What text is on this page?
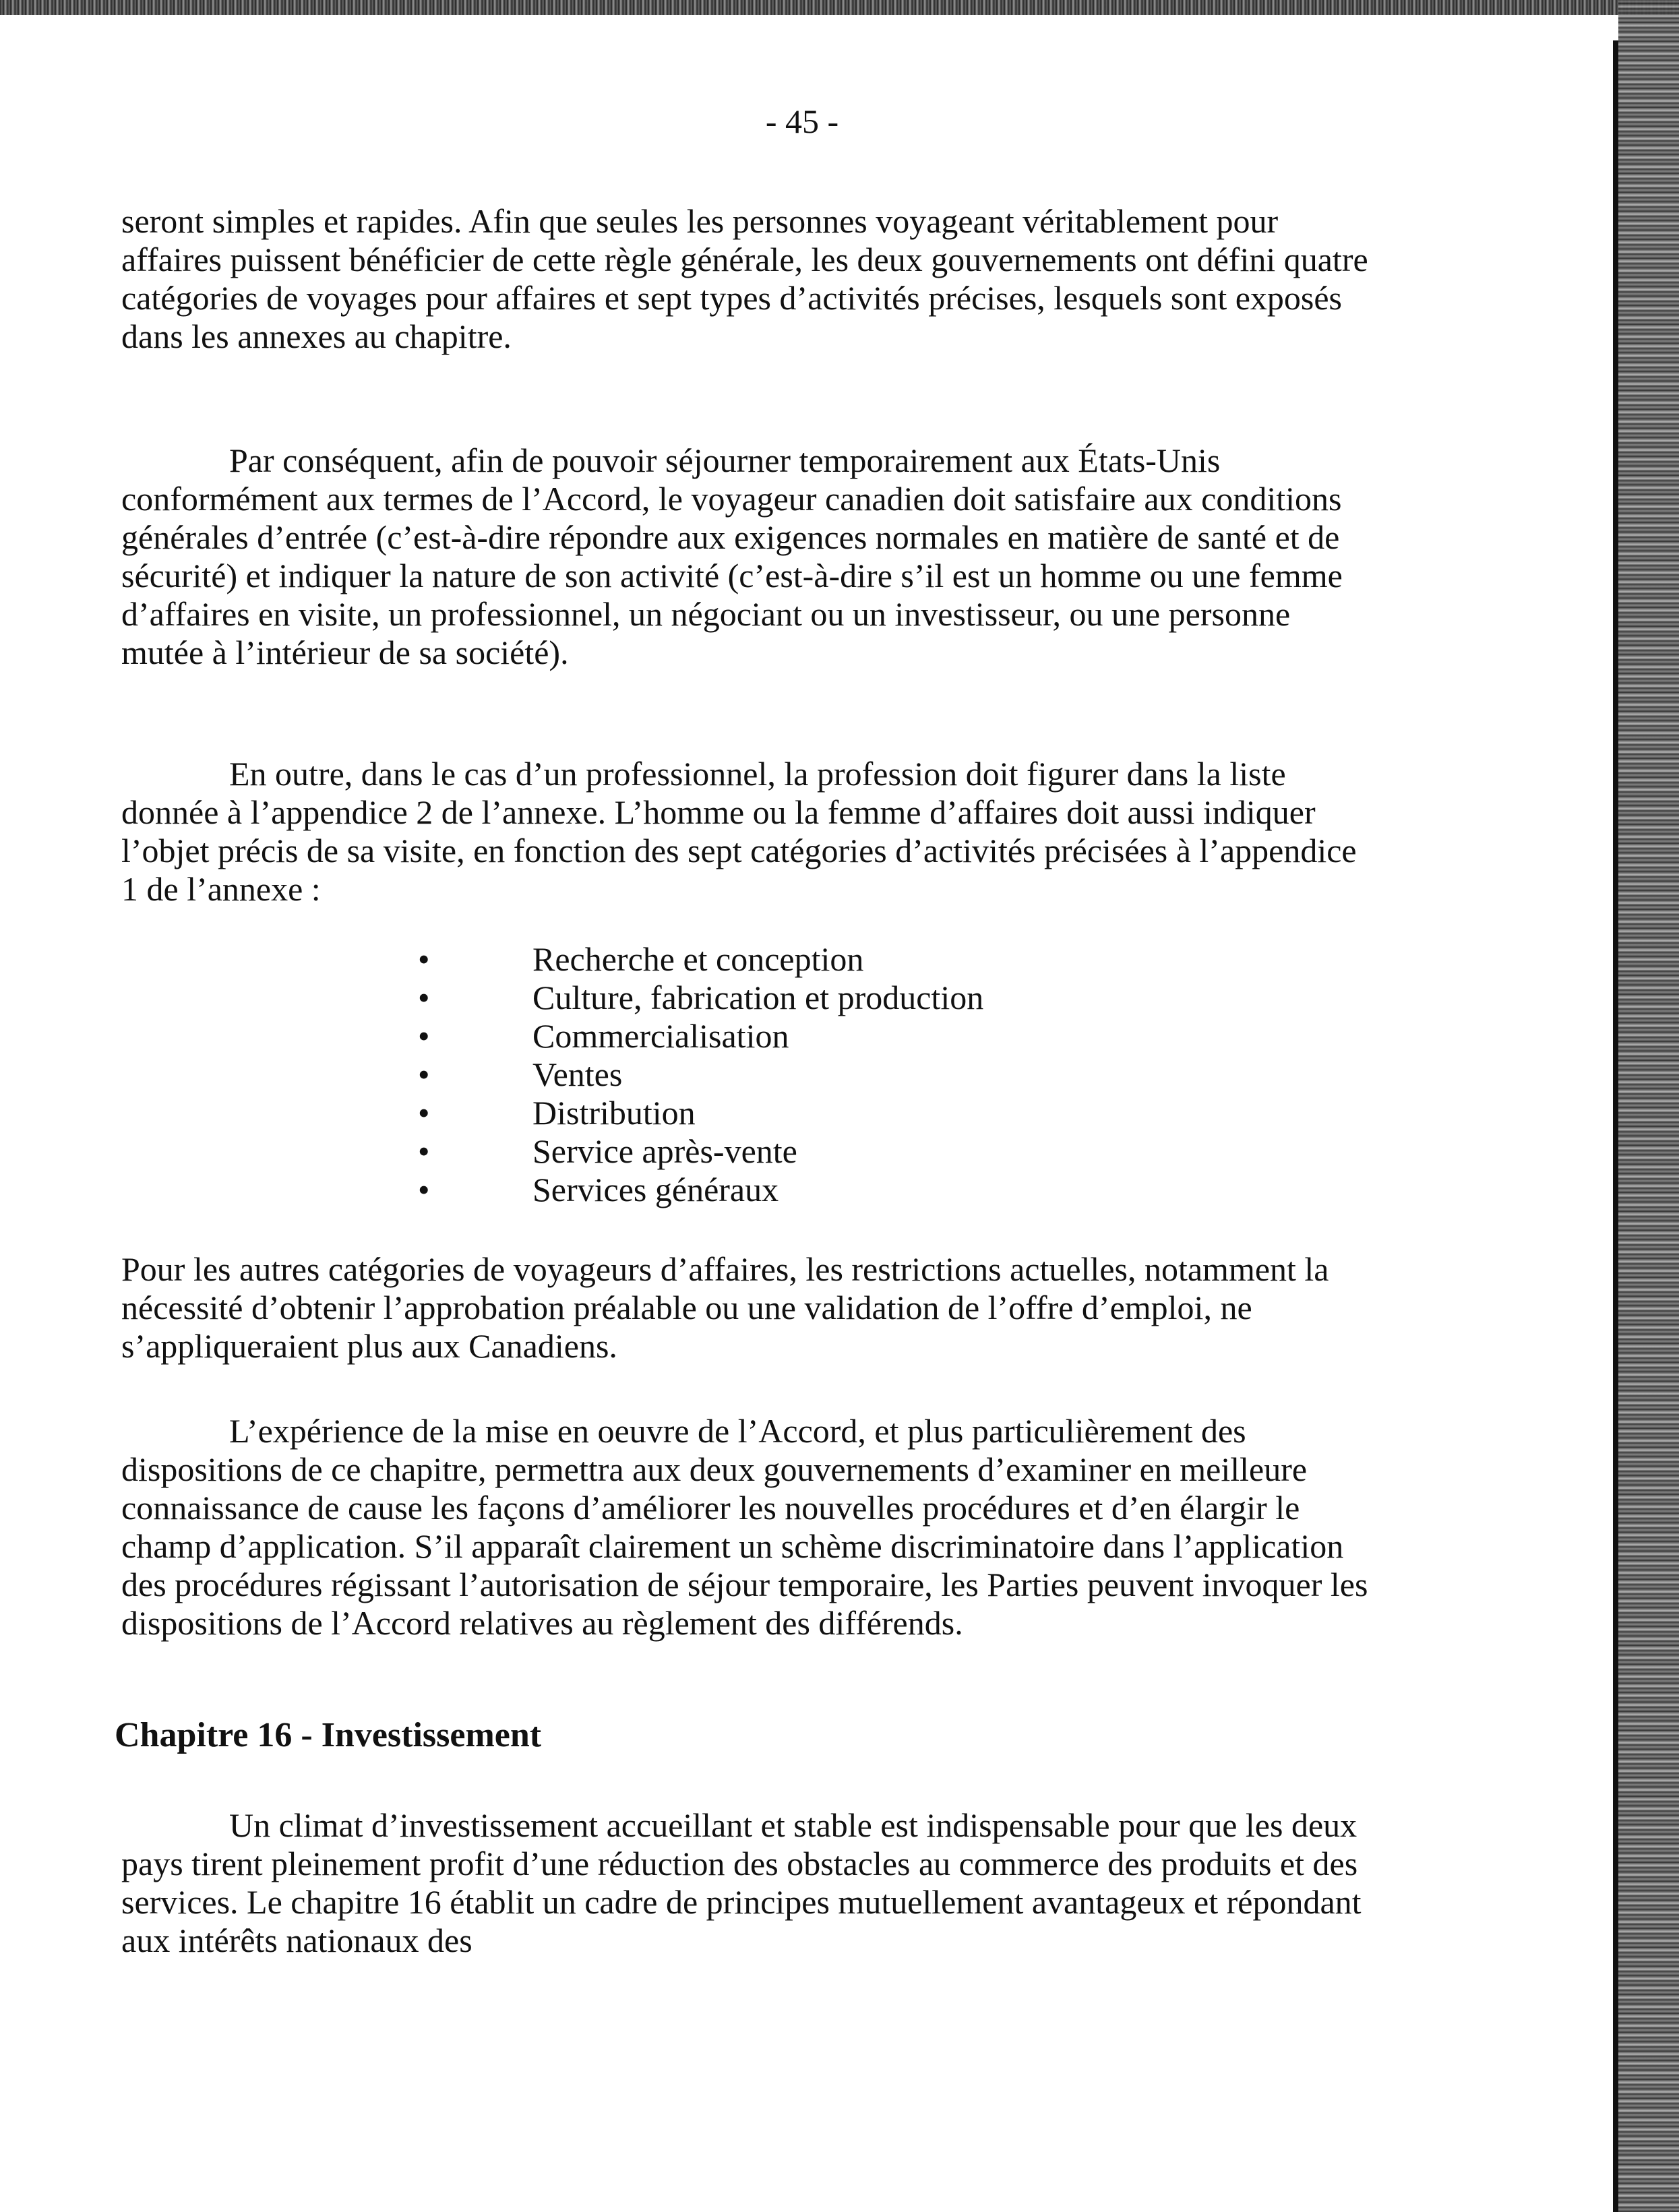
- 45 -

seront simples et rapides. Afin que seules les personnes voyageant véritablement pour affaires puissent bénéficier de cette règle générale, les deux gouvernements ont défini quatre catégories de voyages pour affaires et sept types d’activités précises, lesquels sont exposés dans les annexes au chapitre.

Par conséquent, afin de pouvoir séjourner temporairement aux États-Unis conformément aux termes de l’Accord, le voyageur canadien doit satisfaire aux conditions générales d’entrée (c’est-à-dire répondre aux exigences normales en matière de santé et de sécurité) et indiquer la nature de son activité (c’est-à-dire s’il est un homme ou une femme d’affaires en visite, un professionnel, un négociant ou un investisseur, ou une personne mutée à l’intérieur de sa société).

En outre, dans le cas d’un professionnel, la profession doit figurer dans la liste donnée à l’appendice 2 de l’annexe. L’homme ou la femme d’affaires doit aussi indiquer l’objet précis de sa visite, en fonction des sept catégories d’activités précisées à l’appendice 1 de l’annexe :

•	Recherche et conception
•	Culture, fabrication et production
•	Commercialisation
•	Ventes
•	Distribution
•	Service après-vente
•	Services généraux

Pour les autres catégories de voyageurs d’affaires, les restrictions actuelles, notamment la nécessité d’obtenir l’approbation préalable ou une validation de l’offre d’emploi, ne s’appliqueraient plus aux Canadiens.

L’expérience de la mise en oeuvre de l’Accord, et plus particulièrement des dispositions de ce chapitre, permettra aux deux gouvernements d’examiner en meilleure connaissance de cause les façons d’améliorer les nouvelles procédures et d’en élargir le champ d’application. S’il apparaît clairement un schème discriminatoire dans l’application des procédures régissant l’autorisation de séjour temporaire, les Parties peuvent invoquer les dispositions de l’Accord relatives au règlement des différends.

Chapitre 16 - Investissement

Un climat d’investissement accueillant et stable est indispensable pour que les deux pays tirent pleinement profit d’une réduction des obstacles au commerce des produits et des services. Le chapitre 16 établit un cadre de principes mutuellement avantageux et répondant aux intérêts nationaux des
